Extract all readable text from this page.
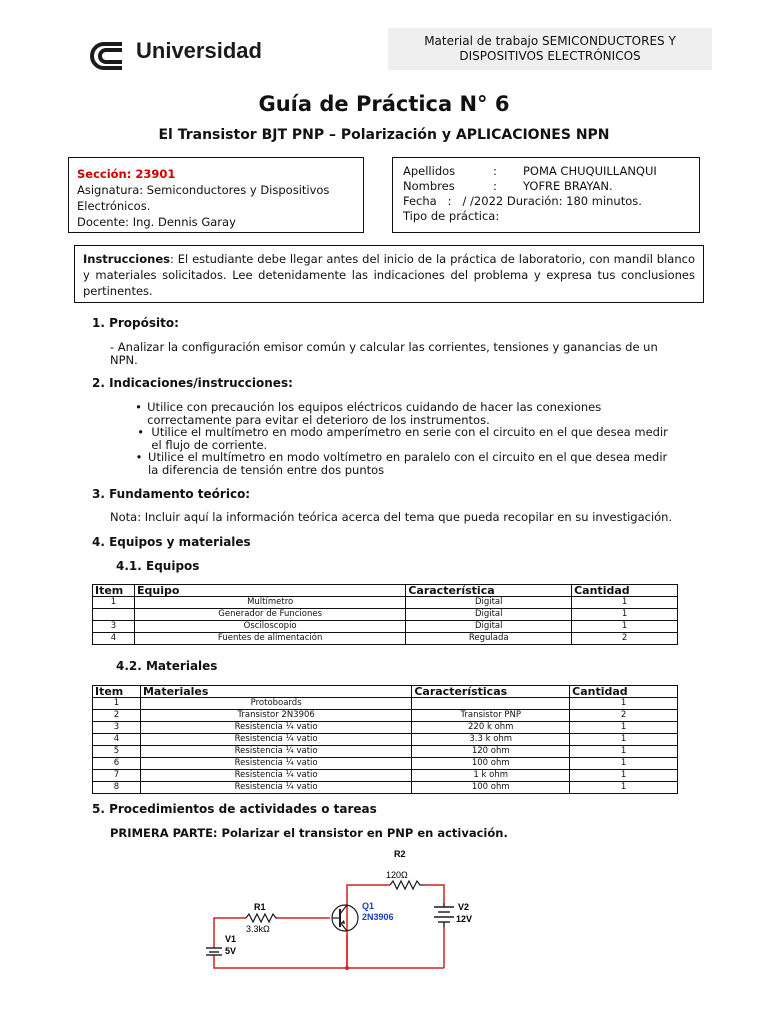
Universidad	Material de trabajo SEMICONDUCTORES Y
DISPOSITIVOS ELECTRÓNICOS
Guía de Práctica N° 6
El Transistor BJT PNP – Polarización y APLICACIONES NPN
Sección: 23901
Asignatura: Semiconductores y Dispositivos
Electrónicos.
Docente: Ing. Dennis Garay
Apellidos	:	POMA CHUQUILLANQUI
Nombres	:	YOFRE BRAYAN.
Fecha   :   / /2022 Duración: 180 minutos.
Tipo de práctica:
Instrucciones: El estudiante debe llegar antes del inicio de la práctica de laboratorio, con mandil blanco y materiales solicitados. Lee detenidamente las indicaciones del problema y expresa tus conclusiones pertinentes.
1. Propósito:
- Analizar la configuración emisor común y calcular las corrientes, tensiones y ganancias de un NPN.
2. Indicaciones/instrucciones:
• Utilice con precaución los equipos eléctricos cuidando de hacer las conexiones correctamente para evitar el deterioro de los instrumentos.
• Utilice el multímetro en modo amperímetro en serie con el circuito en el que desea medir el flujo de corriente.
• Utilice el multímetro en modo voltímetro en paralelo con el circuito en el que desea medir la diferencia de tensión entre dos puntos
3. Fundamento teórico:
Nota: Incluir aquí la información teórica acerca del tema que pueda recopilar en su investigación.
4. Equipos y materiales
4.1. Equipos
Item	Equipo	Característica	Cantidad
1	Multímetro	Digital	1
	Generador de Funciones	Digital	1
3	Osciloscopio	Digital	1
4	Fuentes de alimentación	Regulada	2
4.2. Materiales
Item	Materiales	Características	Cantidad
1	Protoboards		1
2	Transistor 2N3906	Transistor PNP	2
3	Resistencia ¼ vatio	220 k ohm	1
4	Resistencia ¼ vatio	3.3 k ohm	1
5	Resistencia ¼ vatio	120 ohm	1
6	Resistencia ¼ vatio	100 ohm	1
7	Resistencia ¼ vatio	1 k ohm	1
8	Resistencia ¼ vatio	100 ohm	1
5. Procedimientos de actividades o tareas
PRIMERA PARTE: Polarizar el transistor en PNP en activación.
R2
120Ω
R1
3.3kΩ
Q1
2N3906
V2
12V
V1
5V
